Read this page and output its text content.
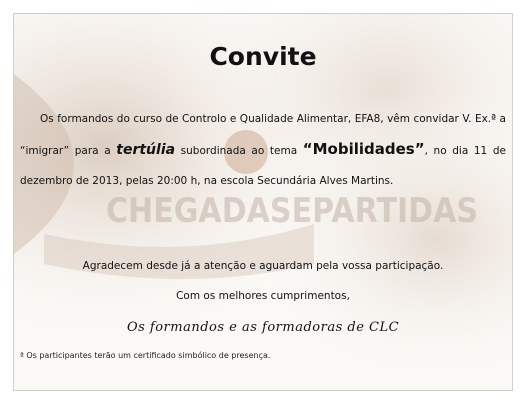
CHEGADASEPARTIDAS
Convite
Os formandos do curso de Controlo e Qualidade Alimentar, EFA8, vêm convidar V. Ex.ª a “imigrar” para a tertúlia subordinada ao tema “Mobilidades”, no dia 11 de dezembro de 2013, pelas 20:00 h, na escola Secundária Alves Martins.
Agradecem desde já a atenção e aguardam pela vossa participação.
Com os melhores cumprimentos,
Os formandos e as formadoras de CLC
ª Os participantes terão um certificado simbólico de presença.
